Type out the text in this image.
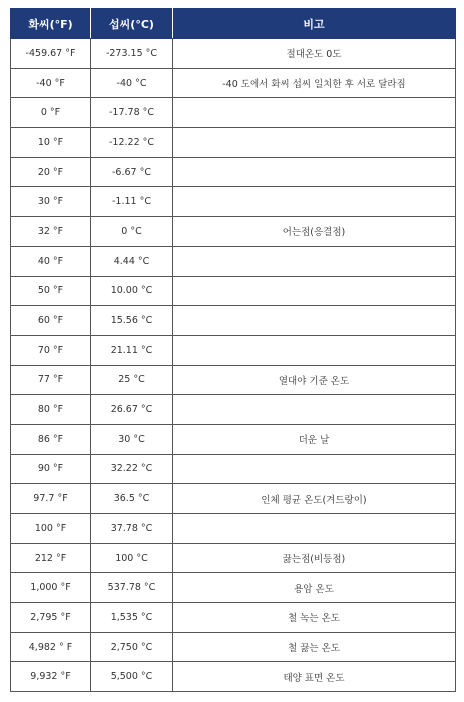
화씨(°F)	섭씨(°C)	비고
-459.67 °F	-273.15 °C	절대온도 0도
-40 °F	-40 °C	-40 도에서 화씨 섭씨 일치한 후 서로 달라짐
0 °F	-17.78 °C	
10 °F	-12.22 °C	
20 °F	-6.67 °C	
30 °F	-1.11 °C	
32 °F	0 °C	어는점(응결점)
40 °F	4.44 °C	
50 °F	10.00 °C	
60 °F	15.56 °C	
70 °F	21.11 °C	
77 °F	25 °C	열대야 기준 온도
80 °F	26.67 °C	
86 °F	30 °C	더운 날
90 °F	32.22 °C	
97.7 °F	36.5 °C	인체 평균 온도(겨드랑이)
100 °F	37.78 °C	
212 °F	100 °C	끓는점(비등점)
1,000 °F	537.78 °C	용암 온도
2,795 °F	1,535 °C	철 녹는 온도
4,982 ° F	2,750 °C	철 끓는 온도
9,932 °F	5,500 °C	태양 표면 온도
